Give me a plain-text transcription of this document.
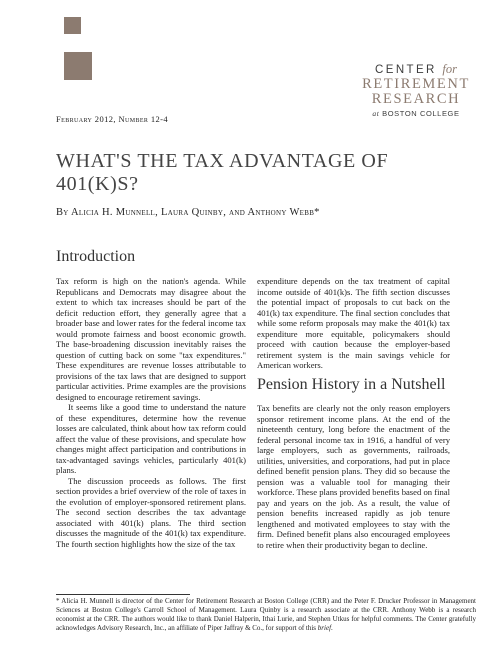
CENTER for
RETIREMENT
RESEARCH
at BOSTON COLLEGE
February 2012, Number 12-4
WHAT'S THE TAX ADVANTAGE OF 401(K)S?
By Alicia H. Munnell, Laura Quinby, and Anthony Webb*
Introduction

Tax reform is high on the nation's agenda. While Republicans and Democrats may disagree about the extent to which tax increases should be part of the deficit reduction effort, they generally agree that a broader base and lower rates for the federal income tax would promote fairness and boost economic growth. The base-broadening discussion inevitably raises the question of cutting back on some "tax expenditures." These expenditures are revenue losses attributable to provisions of the tax laws that are designed to support particular activities. Prime examples are the provisions designed to encourage retirement savings.

It seems like a good time to understand the nature of these expenditures, determine how the revenue losses are calculated, think about how tax reform could affect the value of these provisions, and speculate how changes might affect participation and contributions in tax-advantaged savings vehicles, particularly 401(k) plans.

The discussion proceeds as follows. The first section provides a brief overview of the role of taxes in the evolution of employer-sponsored retirement plans. The second section describes the tax advantage associated with 401(k) plans. The third section discusses the magnitude of the 401(k) tax expenditure. The fourth section highlights how the size of the tax

expenditure depends on the tax treatment of capital income outside of 401(k)s. The fifth section discusses the potential impact of proposals to cut back on the 401(k) tax expenditure. The final section concludes that while some reform proposals may make the 401(k) tax expenditure more equitable, policymakers should proceed with caution because the employer-based retirement system is the main savings vehicle for American workers.

Pension History in a Nutshell

Tax benefits are clearly not the only reason employers sponsor retirement income plans. At the end of the nineteenth century, long before the enactment of the federal personal income tax in 1916, a handful of very large employers, such as governments, railroads, utilities, universities, and corporations, had put in place defined benefit pension plans. They did so because the pension was a valuable tool for managing their workforce. These plans provided benefits based on final pay and years on the job. As a result, the value of pension benefits increased rapidly as job tenure lengthened and motivated employees to stay with the firm. Defined benefit plans also encouraged employees to retire when their productivity began to decline.

* Alicia H. Munnell is director of the Center for Retirement Research at Boston College (CRR) and the Peter F. Drucker Professor in Management Sciences at Boston College's Carroll School of Management. Laura Quinby is a research associate at the CRR. Anthony Webb is a research economist at the CRR. The authors would like to thank Daniel Halperin, Ithai Lurie, and Stephen Utkus for helpful comments. The Center gratefully acknowledges Advisory Research, Inc., an affiliate of Piper Jaffray & Co., for support of this brief.
